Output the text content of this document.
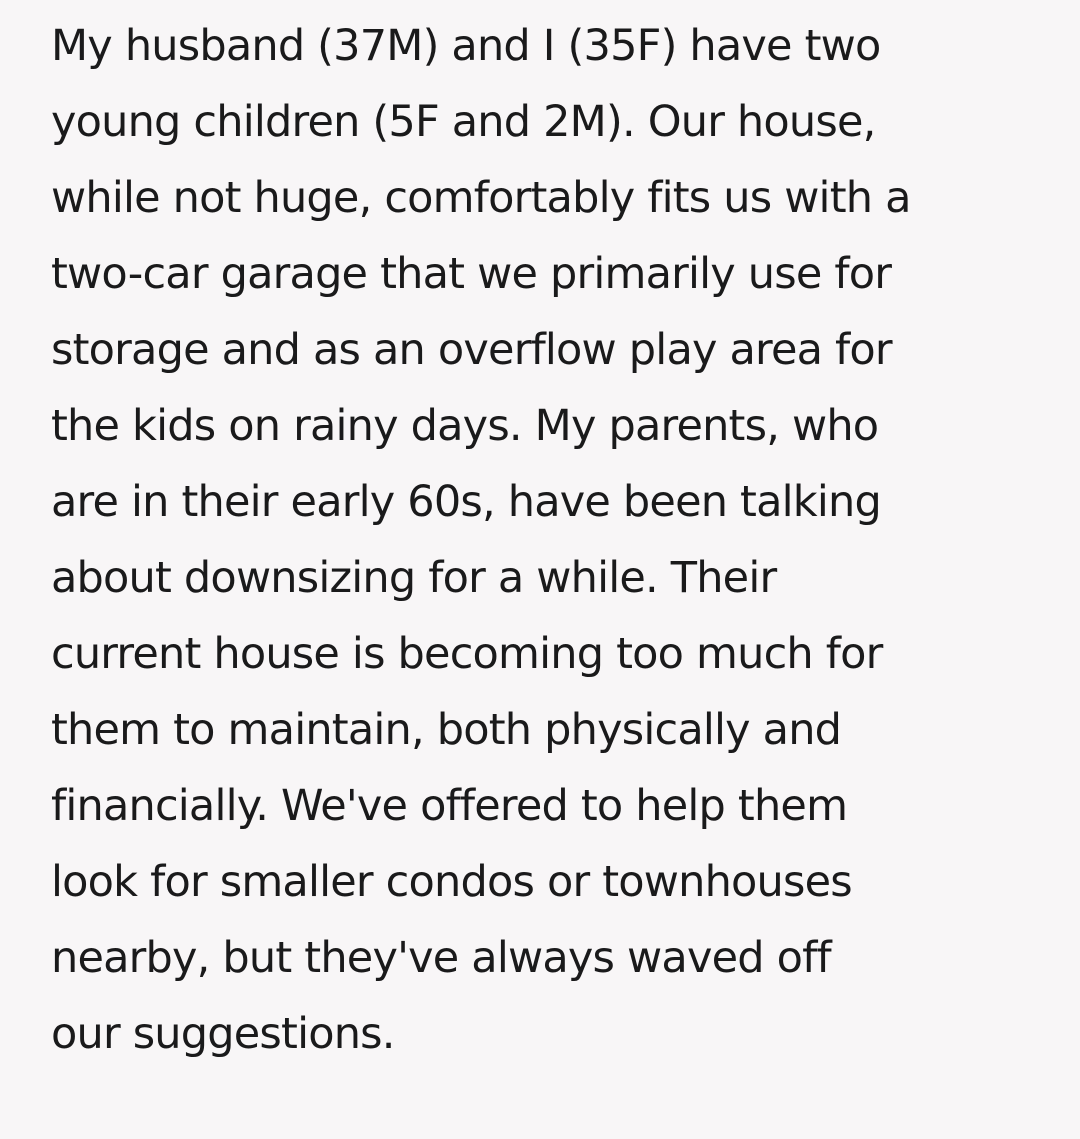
My husband (37M) and I (35F) have two
young children (5F and 2M). Our house,
while not huge, comfortably fits us with a
two-car garage that we primarily use for
storage and as an overflow play area for
the kids on rainy days. My parents, who
are in their early 60s, have been talking
about downsizing for a while. Their
current house is becoming too much for
them to maintain, both physically and
financially. We've offered to help them
look for smaller condos or townhouses
nearby, but they've always waved off
our suggestions.
